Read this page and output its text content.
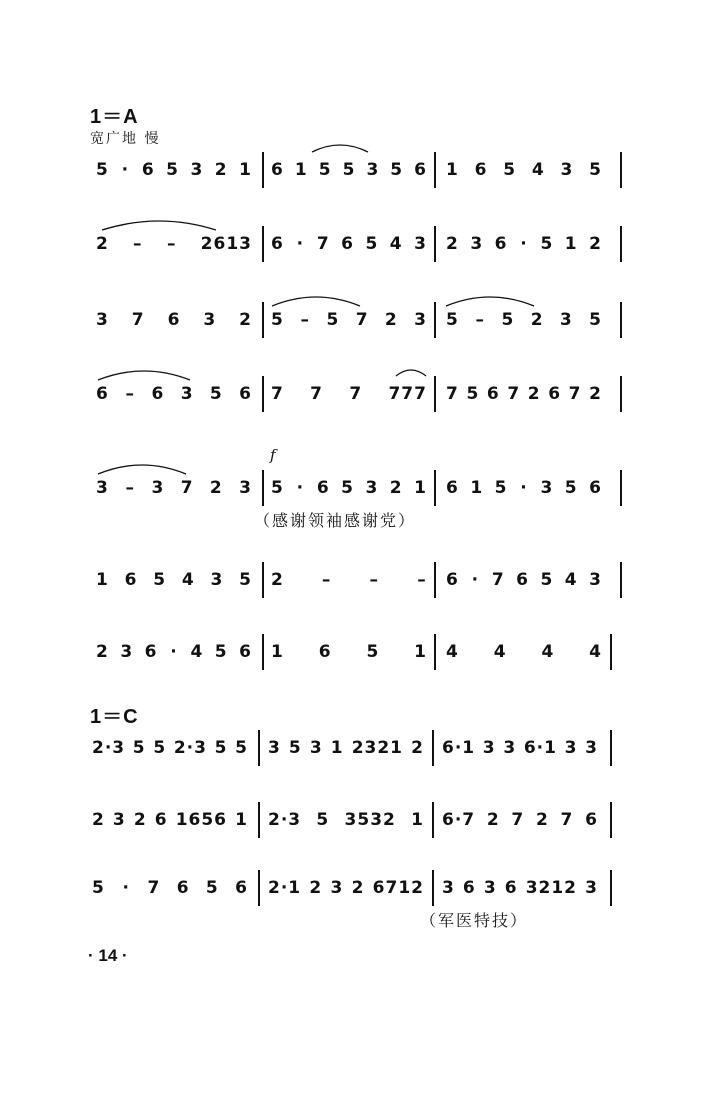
1＝A
宽广地 慢
5 · 6 5 3 2 1 6 1 5 5 3 5 6 1 6 5 4 3 5
2 – – 2613 6 · 7 6 5 4 3 2 3 6 · 5 1 2
3 7 6 3 2 5 – 5 7 2 3 5 – 5 2 3 5
6 – 6 3 5 6 7 7 7 777 7 5 6 7 2 6 7 2
f
3 – 3 7 2 3 5 · 6 5 3 2 1 6 1 5 · 3 5 6
（感谢领袖感谢党）
1 6 5 4 3 5 2 – – – 6 · 7 6 5 4 3
2 3 6 · 4 5 6 1 6 5 1 4 4 4 4
1＝C
2·3 5 5 2·3 5 5 3 5 3 1 2321 2 6·1 3 3 6·1 3 3
2 3 2 6 1656 1 2·3 5 3532 1 6·7 2 7 2 7 6
5 · 7 6 5 6 2·1 2 3 2 6712 3 6 3 6 3212 3
（军医特技）
· 14 ·
